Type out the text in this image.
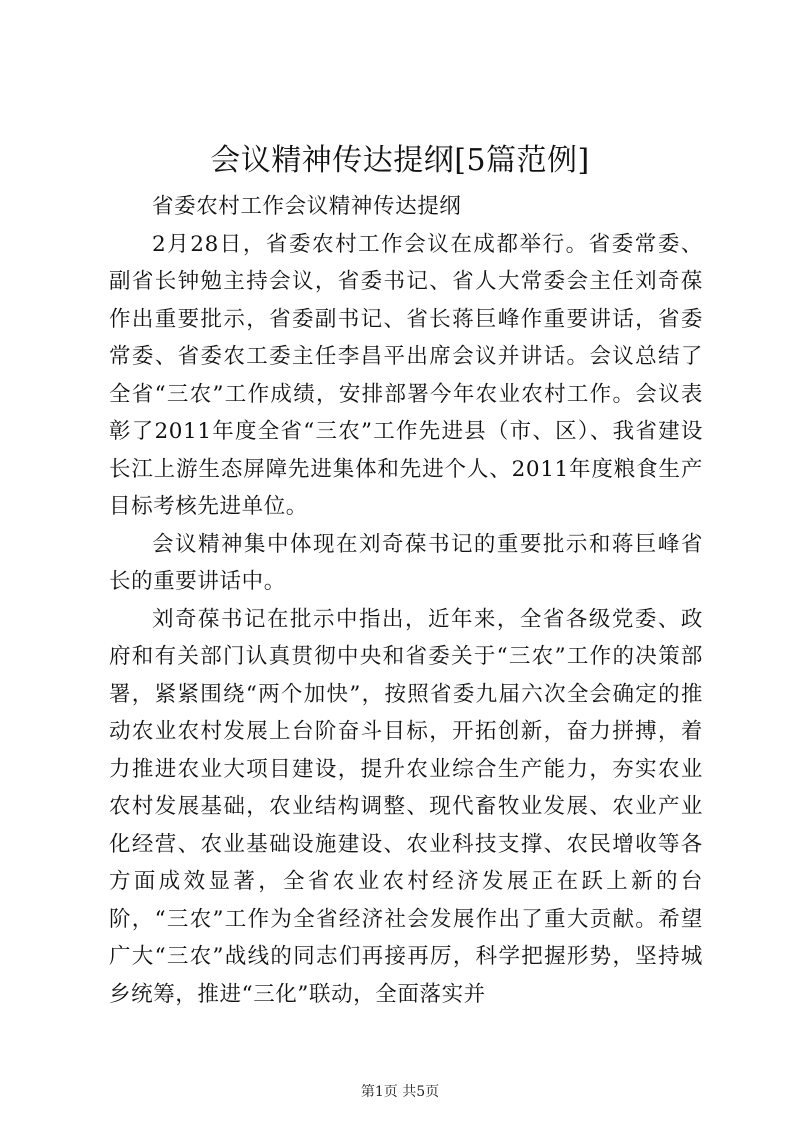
会议精神传达提纲[5篇范例]

省委农村工作会议精神传达提纲

2月28日，省委农村工作会议在成都举行。省委常委、副省长钟勉主持会议，省委书记、省人大常委会主任刘奇葆作出重要批示，省委副书记、省长蒋巨峰作重要讲话，省委常委、省委农工委主任李昌平出席会议并讲话。会议总结了全省“三农”工作成绩，安排部署今年农业农村工作。会议表彰了2011年度全省“三农”工作先进县（市、区）、我省建设长江上游生态屏障先进集体和先进个人、2011年度粮食生产目标考核先进单位。

会议精神集中体现在刘奇葆书记的重要批示和蒋巨峰省长的重要讲话中。

刘奇葆书记在批示中指出，近年来，全省各级党委、政府和有关部门认真贯彻中央和省委关于“三农”工作的决策部署，紧紧围绕“两个加快”，按照省委九届六次全会确定的推动农业农村发展上台阶奋斗目标，开拓创新，奋力拼搏，着力推进农业大项目建设，提升农业综合生产能力，夯实农业农村发展基础，农业结构调整、现代畜牧业发展、农业产业化经营、农业基础设施建设、农业科技支撑、农民增收等各方面成效显著，全省农业农村经济发展正在跃上新的台阶，“三农”工作为全省经济社会发展作出了重大贡献。希望广大“三农”战线的同志们再接再厉，科学把握形势，坚持城乡统筹，推进“三化”联动，全面落实并

第1页 共5页
